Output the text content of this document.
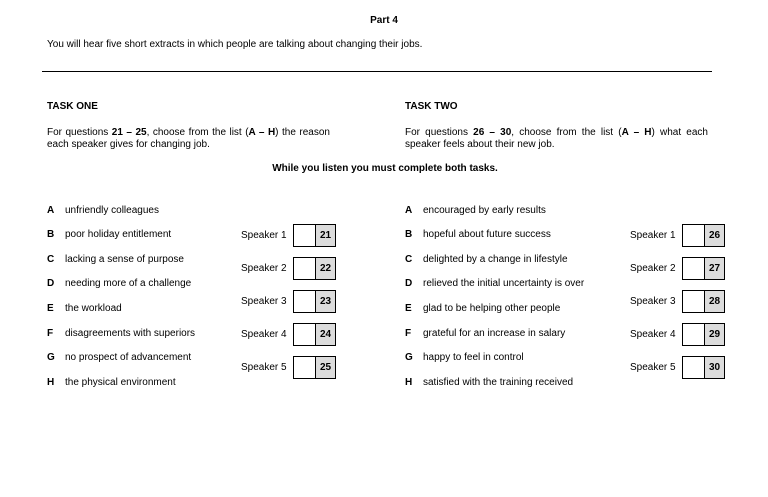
Part 4
You will hear five short extracts in which people are talking about changing their jobs.
TASK ONE	TASK TWO
For questions 21 – 25, choose from the list (A – H) the reason each speaker gives for changing job.
For questions 26 – 30, choose from the list (A – H) what each speaker feels about their new job.
While you listen you must complete both tasks.
A	unfriendly colleagues
B	poor holiday entitlement
C	lacking a sense of purpose
D	needing more of a challenge
E	the workload
F	disagreements with superiors
G	no prospect of advancement
H	the physical environment
A	encouraged by early results
B	hopeful about future success
C	delighted by a change in lifestyle
D	relieved the initial uncertainty is over
E	glad to be helping other people
F	grateful for an increase in salary
G	happy to feel in control
H	satisfied with the training received
Speaker 1	21
Speaker 2	22
Speaker 3	23
Speaker 4	24
Speaker 5	25
Speaker 1	26
Speaker 2	27
Speaker 3	28
Speaker 4	29
Speaker 5	30
